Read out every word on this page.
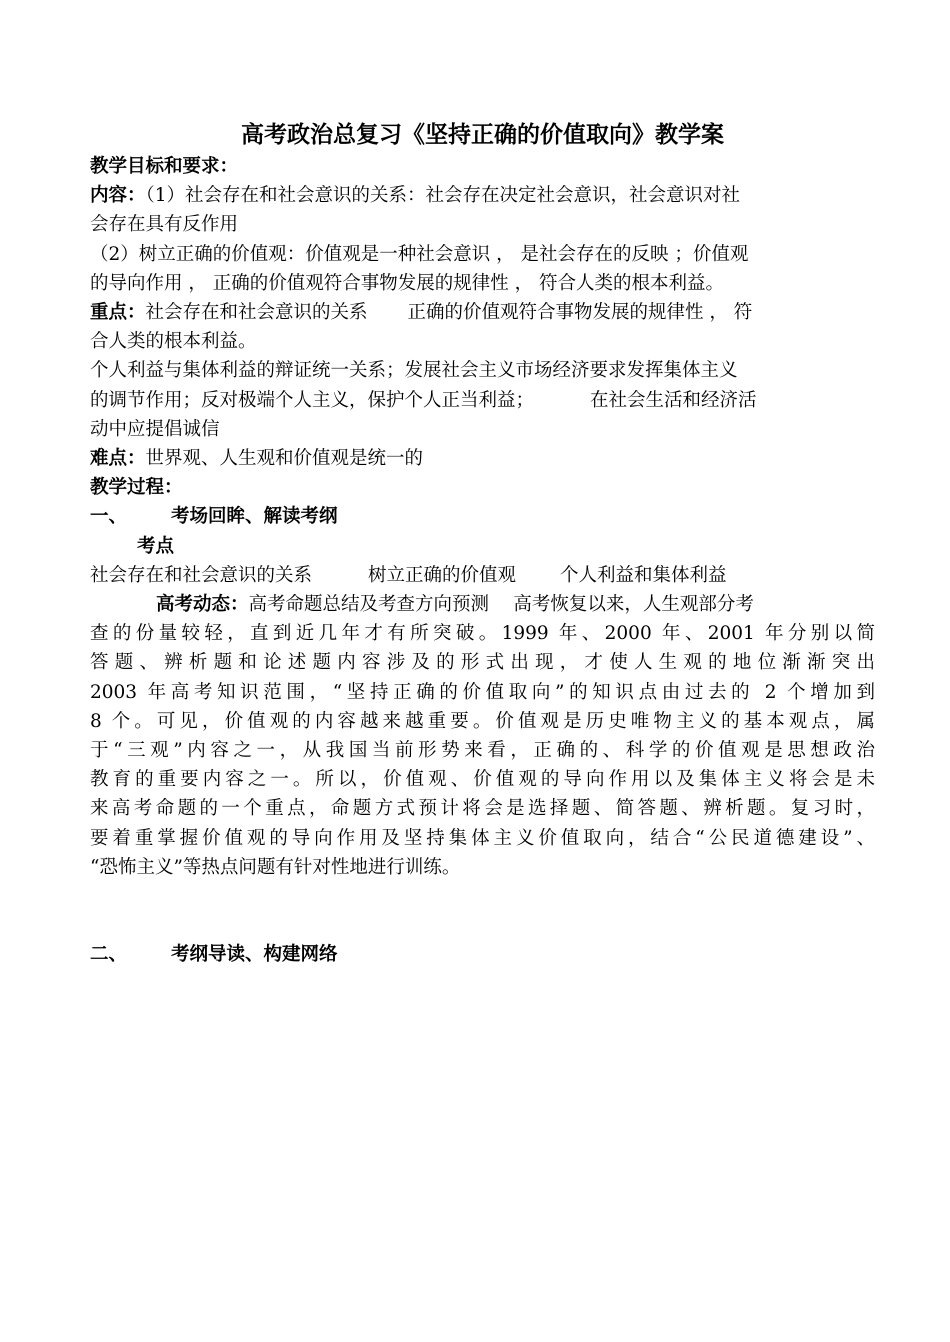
高考政治总复习《坚持正确的价值取向》教学案

教学目标和要求：

内容：（1）社会存在和社会意识的关系：社会存在决定社会意识，社会意识对社

会存在具有反作用

（2）树立正确的价值观：价值观是一种社会意识 ， 是社会存在的反映 ；价值观

的导向作用 ， 正确的价值观符合事物发展的规律性 ， 符合人类的根本利益。

重点：社会存在和社会意识的关系 正确的价值观符合事物发展的规律性 ， 符

合人类的根本利益。

个人利益与集体利益的辩证统一关系；发展社会主义市场经济要求发挥集体主义

的调节作用；反对极端个人主义，保护个人正当利益；	在社会生活和经济活

动中应提倡诚信

难点：世界观、人生观和价值观是统一的

教学过程：

一、 考场回眸、解读考纲

考点

社会存在和社会意识的关系	树立正确的价值观 个人利益和集体利益

高考动态：高考命题总结及考查方向预测 　高考恢复以来，人生观部分考

查的份量较轻，直到近几年才有所突破。1999 年、2000 年、2001 年分别以简

答题、辨析题和论述题内容涉及的形式出现，才使人生观的地位渐渐突出

2003 年高考知识范围，“坚持正确的价值取向”的知识点由过去的 2 个增加到

8 个。可见，价值观的内容越来越重要。价值观是历史唯物主义的基本观点，属

于“三观”内容之一，从我国当前形势来看，正确的、科学的价值观是思想政治

教育的重要内容之一。所以，价值观、价值观的导向作用以及集体主义将会是未

来高考命题的一个重点，命题方式预计将会是选择题、简答题、辨析题。复习时，

要着重掌握价值观的导向作用及坚持集体主义价值取向，结合“公民道德建设”、

“恐怖主义”等热点问题有针对性地进行训练。

二、 考纲导读、构建网络
